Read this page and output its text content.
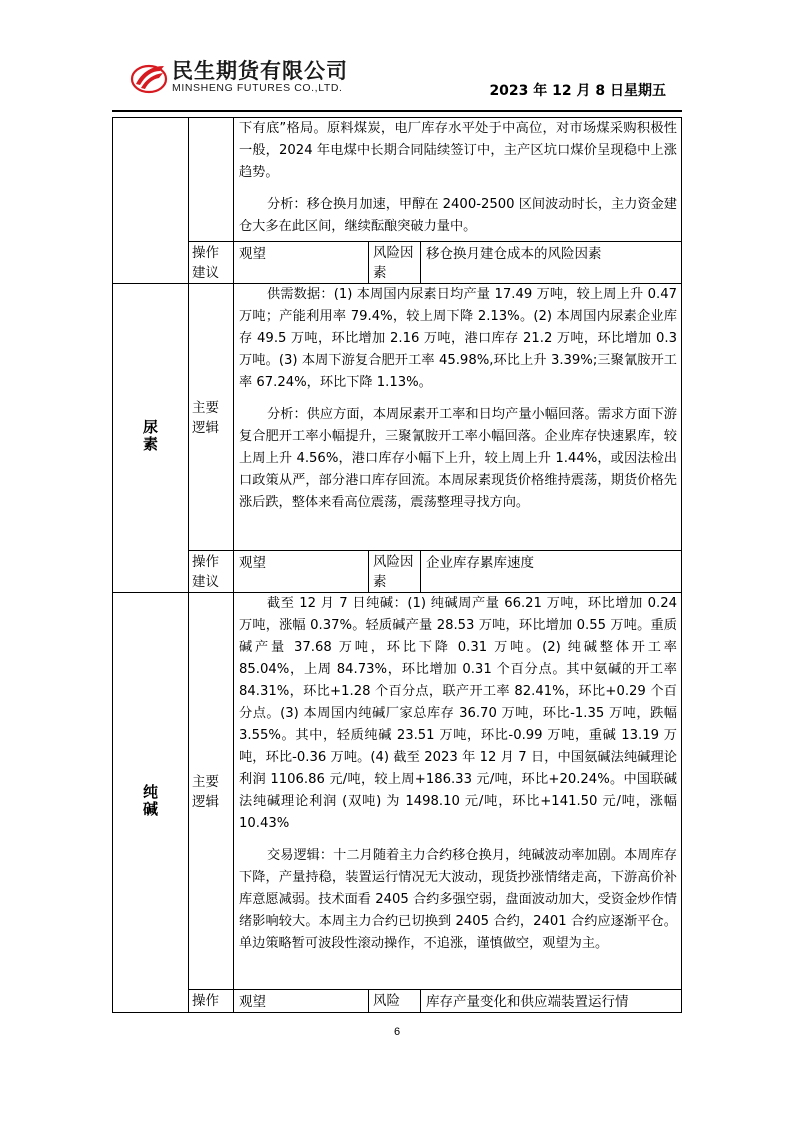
民生期货有限公司
MINSHENG FUTURES CO.,LTD.	2023 年 12 月 8 日星期五

		下有底”格局。原料煤炭，电厂库存水平处于中高位，对市场煤采购积极性一般，2024 年电煤中长期合同陆续签订中，主产区坑口煤价呈现稳中上涨趋势。

分析：移仓换月加速，甲醇在 2400-2500 区间波动时长，主力资金建仓大多在此区间，继续酝酿突破力量中。		

	操作建议	观望	风险因素	移仓换月建仓成本的风险因素
尿素	主要逻辑	供需数据：(1) 本周国内尿素日均产量 17.49 万吨，较上周上升 0.47 万吨；产能利用率 79.4%，较上周下降 2.13%。(2) 本周国内尿素企业库存 49.5 万吨，环比增加 2.16 万吨，港口库存 21.2 万吨，环比增加 0.3 万吨。(3) 本周下游复合肥开工率 45.98%,环比上升 3.39%;三聚氰胺开工率 67.24%，环比下降 1.13%。

分析：供应方面，本周尿素开工率和日均产量小幅回落。需求方面下游复合肥开工率小幅提升，三聚氰胺开工率小幅回落。企业库存快速累库，较上周上升 4.56%，港口库存小幅下上升，较上周上升 1.44%，或因法检出口政策从严，部分港口库存回流。本周尿素现货价格维持震荡，期货价格先涨后跌，整体来看高位震荡，震荡整理寻找方向。		

	操作建议	观望	风险因素	企业库存累库速度
纯碱	主要逻辑	截至 12 月 7 日纯碱：(1) 纯碱周产量 66.21 万吨，环比增加 0.24 万吨，涨幅 0.37%。轻质碱产量 28.53 万吨，环比增加 0.55 万吨。重质碱产量 37.68 万吨，环比下降 0.31 万吨。(2) 纯碱整体开工率 85.04%，上周 84.73%，环比增加 0.31 个百分点。其中氨碱的开工率 84.31%，环比+1.28 个百分点，联产开工率 82.41%，环比+0.29 个百分点。(3) 本周国内纯碱厂家总库存 36.70 万吨，环比-1.35 万吨，跌幅 3.55%。其中，轻质纯碱 23.51 万吨，环比-0.99 万吨，重碱 13.19 万吨，环比-0.36 万吨。(4) 截至 2023 年 12 月 7 日，中国氨碱法纯碱理论利润 1106.86 元/吨，较上周+186.33 元/吨，环比+20.24%。中国联碱法纯碱理论利润 (双吨) 为 1498.10 元/吨，环比+141.50 元/吨，涨幅 10.43%

交易逻辑：十二月随着主力合约移仓换月，纯碱波动率加剧。本周库存下降，产量持稳，装置运行情况无大波动，现货抄涨情绪走高，下游高价补库意愿减弱。技术面看 2405 合约多强空弱，盘面波动加大，受资金炒作情绪影响较大。本周主力合约已切换到 2405 合约，2401 合约应逐渐平仓。单边策略暂可波段性滚动操作，不追涨，谨慎做空，观望为主。		

	操作	观望	风险	库存产量变化和供应端装置运行情
6
